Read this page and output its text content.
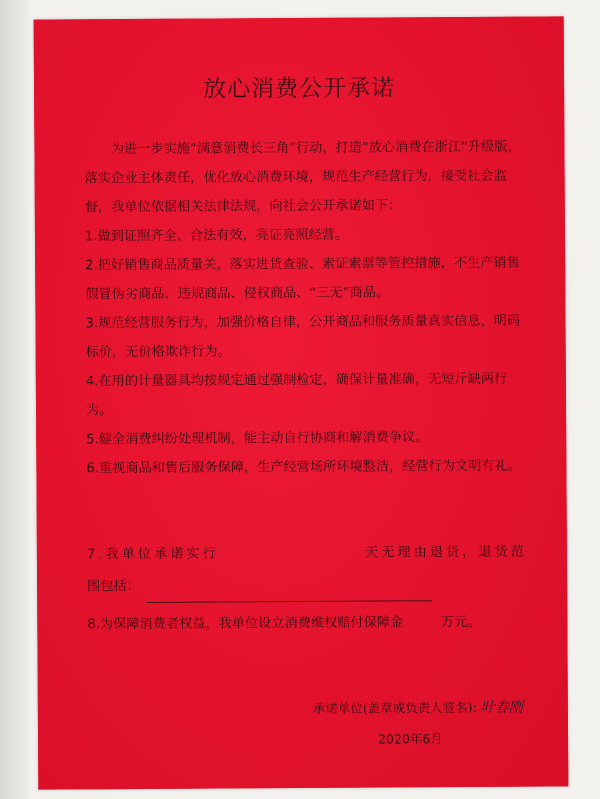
放心消费公开承诺
为进一步实施“满意消费长三角”行动，打造“放心消费在浙江”升级版，落实企业主体责任，优化放心消费环境，规范生产经营行为，接受社会监督，我单位依据相关法律法规，向社会公开承诺如下：

1.做到证照齐全、合法有效，亮证亮照经营。

2.把好销售商品质量关，落实进货查验、索证索票等管控措施，不生产销售假冒伪劣商品、违规商品、侵权商品、“三无”商品。

3.规范经营服务行为，加强价格自律，公开商品和服务质量真实信息，明码标价，无价格欺诈行为。

4.在用的计量器具均按规定通过强制检定，确保计量准确，无短斤缺两行为。

5.健全消费纠纷处理机制，能主动自行协商和解消费争议。

6.重视商品和售后服务保障，生产经营场所环境整洁，经营行为文明有礼。

7.我单位承诺实行	天无理由退货，退货范
围包括：
8.为保障消费者权益，我单位设立消费维权赔付保障金	万元。
承诺单位(盖章或负责人签名): 叶春刚
2020年6月
